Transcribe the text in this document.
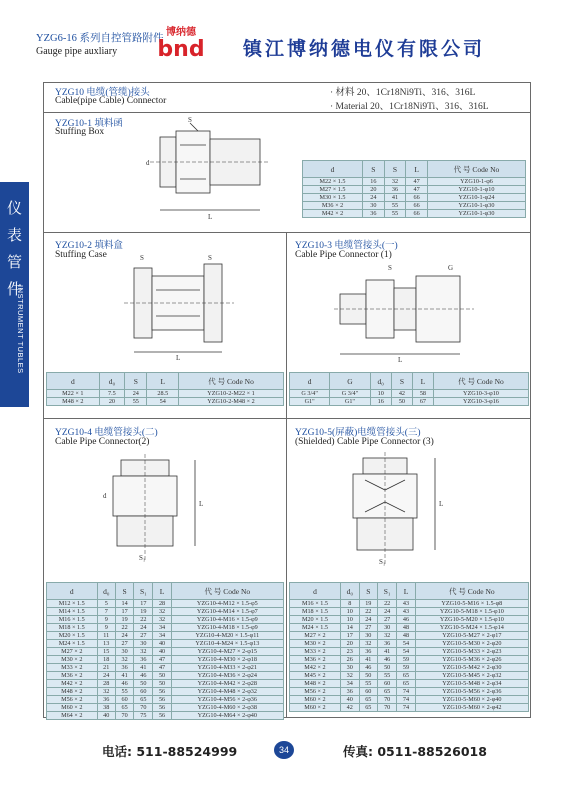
YZG6-16 系列自控管路附件
Gauge pipe auxliary
博纳德
bnd 镇江博纳德电仪有限公司
仪
表
管
件
INSTRUMENT TUBLES
YZG10 电缆(管缆)接头
Cable(pipe Cable) Connector
· 材料 20、1Cr18Ni9Ti、316、316L
· Material 20、1Cr18Ni9Ti、316、316L
YZG10-1 填料函
Stuffing Box
L
S
d
d	S	S	L	代 号 Code No
M22 × 1.5	16	32	47	YZG10-1-φ6
M27 × 1.5	20	36	47	YZG10-1-φ10
M30 × 1.5	24	41	66	YZG10-1-φ24
M36 × 2	30	55	66	YZG10-1-φ30
M42 × 2	36	55	66	YZG10-1-φ30
YZG10-2 填料盒
Stuffing Case
L
S	S
d	d₀	S	L	代 号 Code No
M22 × 1	7.5	24	28.5	YZG10-2-M22 × 1
M48 × 2	20	55	54	YZG10-2-M48 × 2
YZG10-3 电缆管接头(一)
Cable Pipe Connector (1)
L
S	G
d	G	d₀	S	L	代 号 Code No
G 3/4"	G 3/4"	10	42	58	YZG10-3-φ10
G1"	G1"	16	50	67	YZG10-3-φ16
YZG10-4 电缆管接头(二)
Cable Pipe Connector(2)
L
d
S₁
d	d₀	S	S₁	L	代 号 Code No
M12 × 1.5	5	14	17	28	YZG10-4-M12 × 1.5-φ5
M14 × 1.5	7	17	19	32	YZG10-4-M14 × 1.5-φ7
M16 × 1.5	9	19	22	32	YZG10-4-M16 × 1.5-φ9
M18 × 1.5	9	22	24	34	YZG10-4-M18 × 1.5-φ9
M20 × 1.5	11	24	27	34	YZG10-4-M20 × 1.5-φ11
M24 × 1.5	13	27	30	40	YZG10-4-M24 × 1.5-φ13
M27 × 2	15	30	32	40	YZG10-4-M27 × 2-φ15
M30 × 2	18	32	36	47	YZG10-4-M30 × 2-φ18
M33 × 2	21	36	41	47	YZG10-4-M33 × 2-φ21
M36 × 2	24	41	46	50	YZG10-4-M36 × 2-φ24
M42 × 2	28	46	50	50	YZG10-4-M42 × 2-φ28
M48 × 2	32	55	60	56	YZG10-4-M48 × 2-φ32
M56 × 2	36	60	65	56	YZG10-4-M56 × 2-φ36
M60 × 2	38	65	70	56	YZG10-4-M60 × 2-φ38
M64 × 2	40	70	75	56	YZG10-4-M64 × 2-φ40
YZG10-5(屏蔽)电缆管接头(三)
(Shielded) Cable Pipe Connector (3)
L
S₁
d	d₀	S	S₁	L	代 号 Code No
M16 × 1.5	8	19	22	43	YZG10-5-M16 × 1.5-φ8
M18 × 1.5	10	22	24	43	YZG10-5-M18 × 1.5-φ10
M20 × 1.5	10	24	27	46	YZG10-5-M20 × 1.5-φ10
M24 × 1.5	14	27	30	48	YZG10-5-M24 × 1.5-φ14
M27 × 2	17	30	32	48	YZG10-5-M27 × 2-φ17
M30 × 2	20	32	36	54	YZG10-5-M30 × 2-φ20
M33 × 2	23	36	41	54	YZG10-5-M33 × 2-φ23
M36 × 2	26	41	46	59	YZG10-5-M36 × 2-φ26
M42 × 2	30	46	50	59	YZG10-5-M42 × 2-φ30
M45 × 2	32	50	55	65	YZG10-5-M45 × 2-φ32
M48 × 2	34	55	60	65	YZG10-5-M48 × 2-φ34
M56 × 2	36	60	65	74	YZG10-5-M56 × 2-φ36
M60 × 2	40	65	70	74	YZG10-5-M60 × 2-φ40
M60 × 2	42	65	70	74	YZG10-5-M60 × 2-φ42
电话: 511-88524999	34	传真: 0511-88526018
